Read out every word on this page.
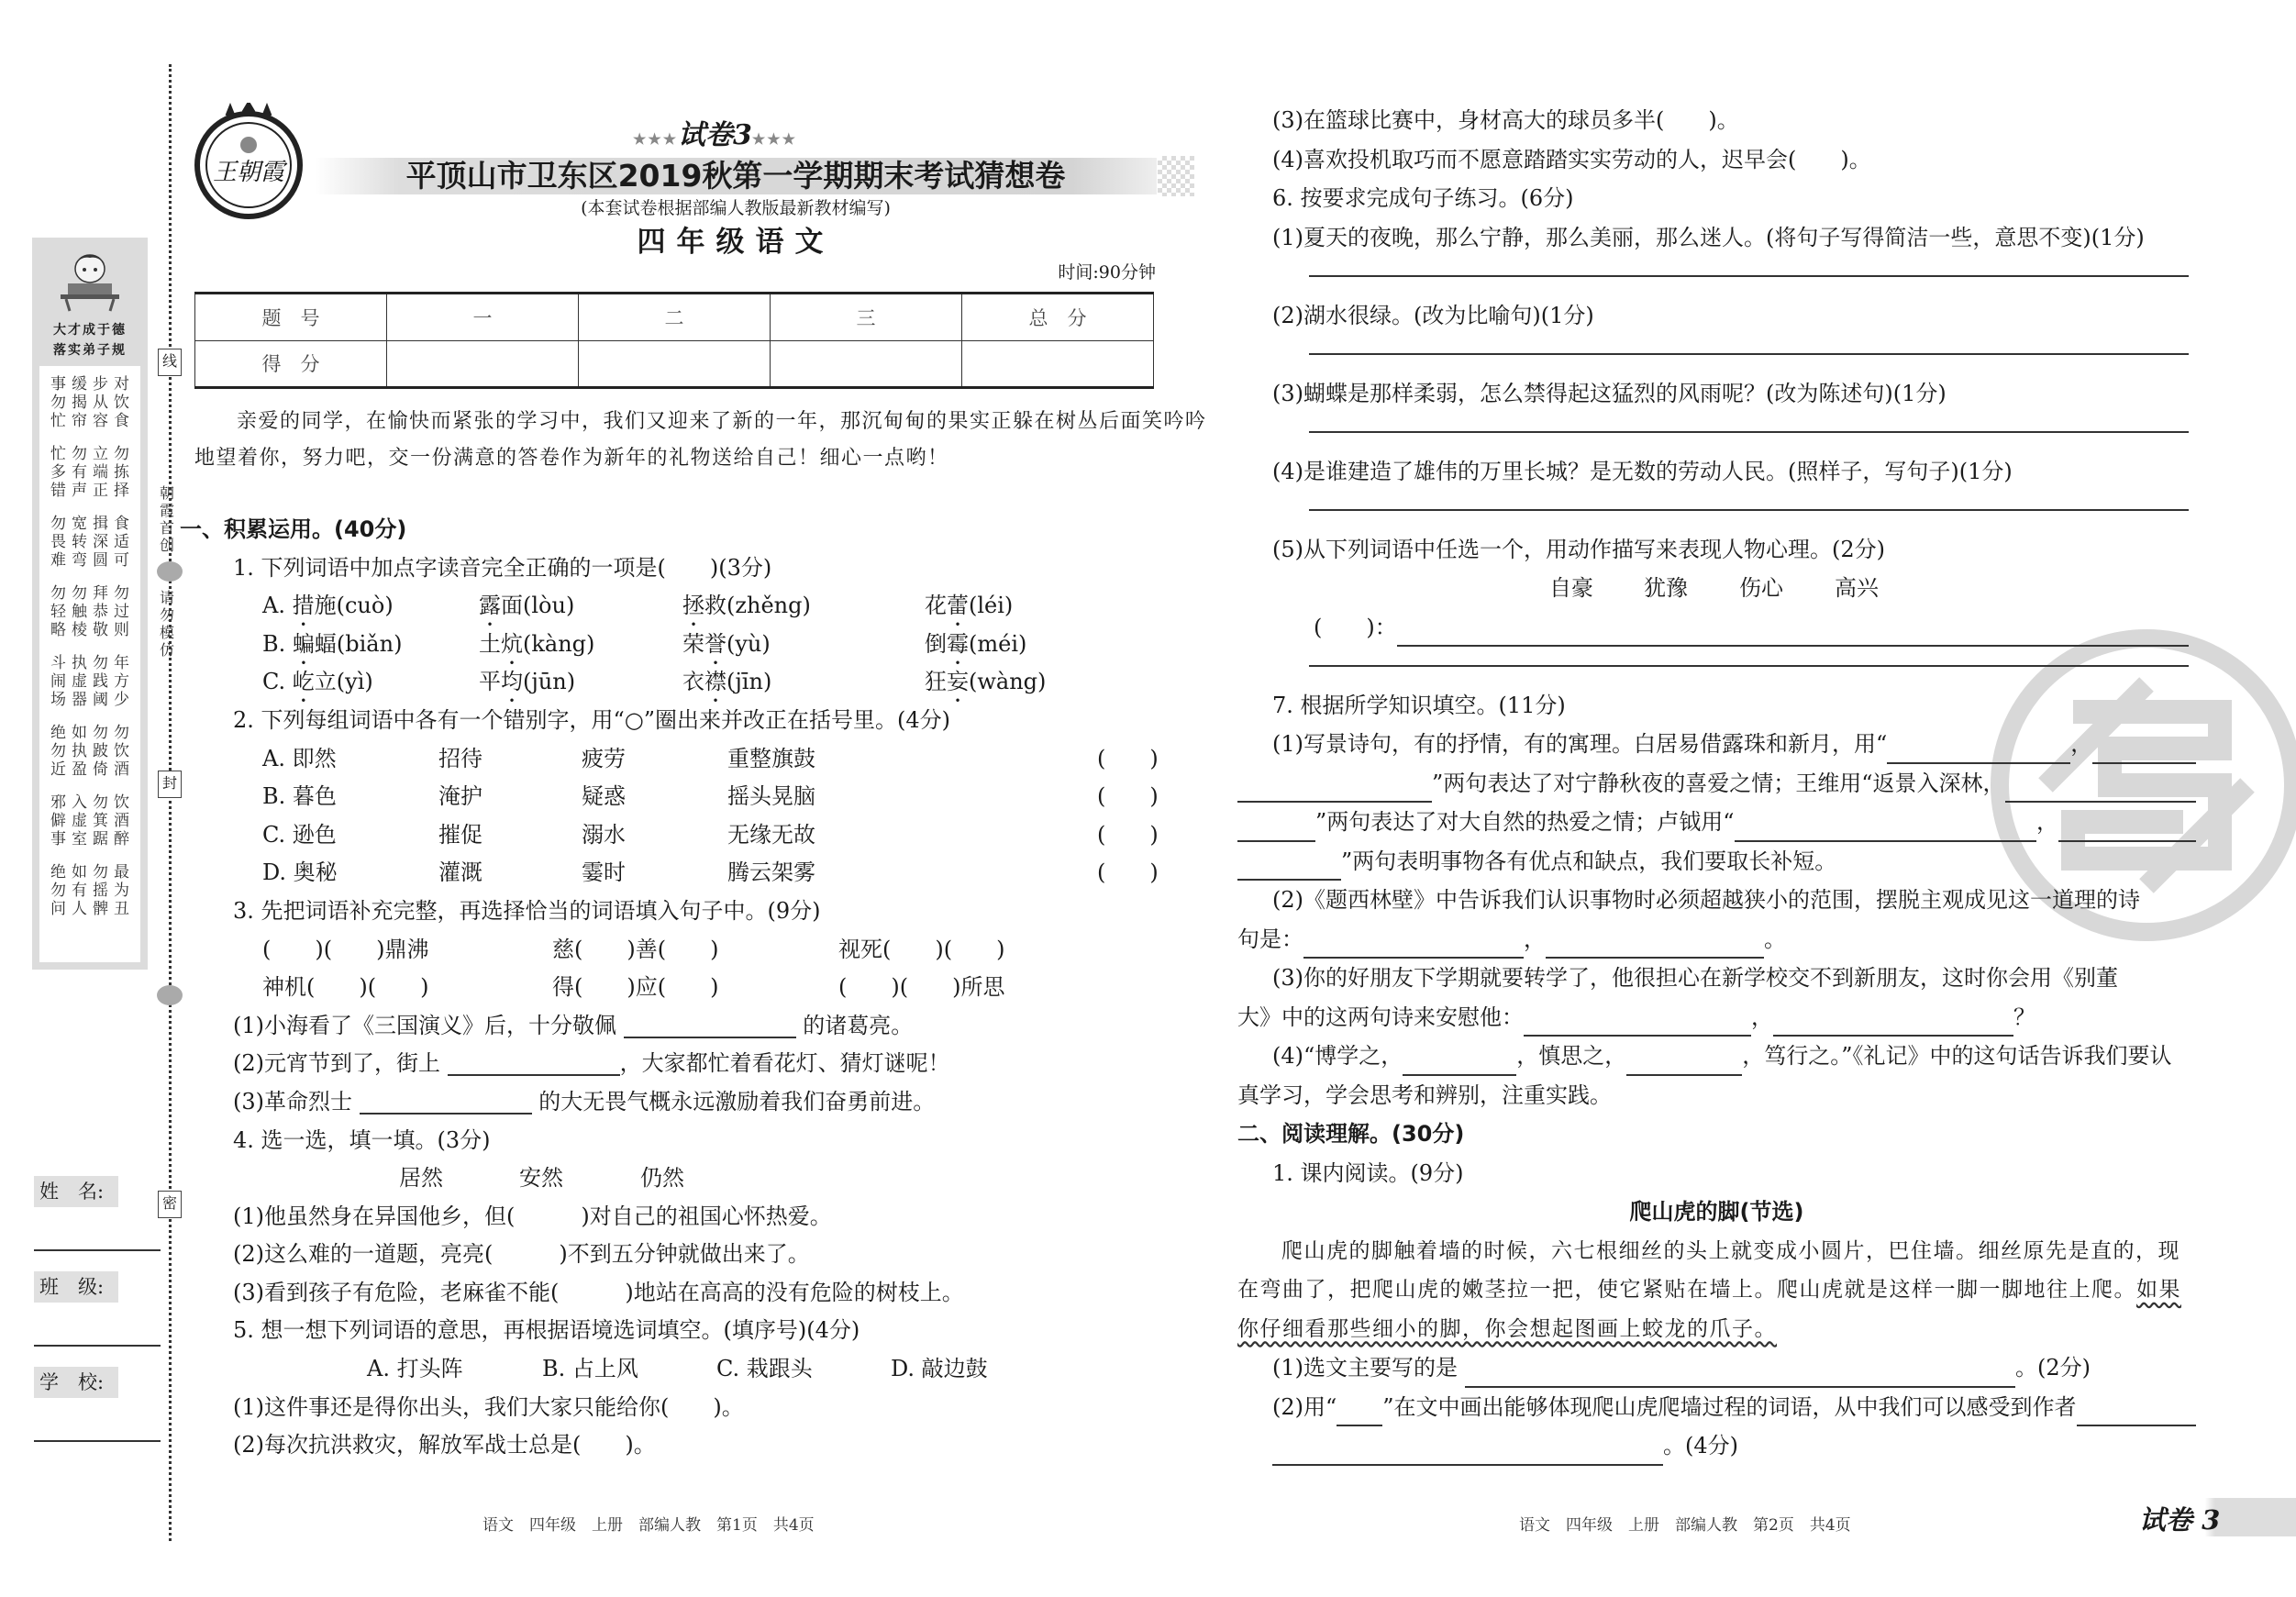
线
朝霞首创
请勿模仿
封
密
大才成于德
落实弟子规
事缓步对
勿揭从饮
忙帘容食
忙勿立勿
多有端拣
错声正择
勿宽揖食
畏转深适
难弯圆可
勿勿拜勿
轻触恭过
略棱敬则
斗执勿年
闹虚践方
场器阈少
绝如勿勿
勿执跛饮
近盈倚酒
邪入勿饮
僻虚箕酒
事室踞醉
绝如勿最
勿有摇为
问人髀丑
姓　名:
班　级:
学　校:
王朝霞
★★★试卷3★★★
平顶山市卫东区2019秋第一学期期末考试猜想卷
(本套试卷根据部编人教版最新教材编写)
四年级语文
时间:90分钟
题　号	一	二	三	总　分
得　分				
亲爱的同学，在愉快而紧张的学习中，我们又迎来了新的一年，那沉甸甸的果实正躲在树丛后面笑吟吟
地望着你，努力吧，交一份满意的答卷作为新年的礼物送给自己！细心一点哟！
一、积累运用。(40分)
1. 下列词语中加点字读音完全正确的一项是(　　)(3分)
A. 措施(cuò)	露面(lòu)	拯救(zhěng)	花蕾(léi)
B. 蝙蝠(biǎn)	土炕(kàng)	荣誉(yù)	倒霉(méi)
C. 屹立(yì)	平均(jūn)	衣襟(jīn)	狂妄(wàng)
2. 下列每组词语中各有一个错别字，用“○”圈出来并改正在括号里。(4分)
A. 即然	招待	疲劳	重整旗鼓	(　　)
B. 暮色	淹护	疑惑	摇头晃脑	(　　)
C. 逊色	摧促	溺水	无缘无故	(　　)
D. 奥秘	灌溉	霎时	腾云架雾	(　　)
3. 先把词语补充完整，再选择恰当的词语填入句子中。(9分)
(　　)(　　)鼎沸	慈(　　)善(　　)	视死(　　)(　　)
神机(　　)(　　)	得(　　)应(　　)	(　　)(　　)所思
(1)小海看了《三国演义》后，十分敬佩	的诸葛亮。
(2)元宵节到了，街上	，大家都忙着看花灯、猜灯谜呢！
(3)革命烈士	的大无畏气概永远激励着我们奋勇前进。
4. 选一选，填一填。(3分)
居然	安然	仍然
(1)他虽然身在异国他乡，但(　　　)对自己的祖国心怀热爱。
(2)这么难的一道题，亮亮(　　　)不到五分钟就做出来了。
(3)看到孩子有危险，老麻雀不能(　　　)地站在高高的没有危险的树枝上。
5. 想一想下列词语的意思，再根据语境选词填空。(填序号)(4分)
A. 打头阵	B. 占上风	C. 栽跟头	D. 敲边鼓
(1)这件事还是得你出头，我们大家只能给你(　　)。
(2)每次抗洪救灾，解放军战士总是(　　)。
(3)在篮球比赛中，身材高大的球员多半(　　)。
(4)喜欢投机取巧而不愿意踏踏实实劳动的人，迟早会(　　)。
6. 按要求完成句子练习。(6分)
(1)夏天的夜晚，那么宁静，那么美丽，那么迷人。(将句子写得简洁一些，意思不变)(1分)
(2)湖水很绿。(改为比喻句)(1分)
(3)蝴蝶是那样柔弱，怎么禁得起这猛烈的风雨呢？(改为陈述句)(1分)
(4)是谁建造了雄伟的万里长城？是无数的劳动人民。(照样子，写句子)(1分)
(5)从下列词语中任选一个，用动作描写来表现人物心理。(2分)
自豪 犹豫 伤心 高兴
(　　)：
7. 根据所学知识填空。(11分)
(1)写景诗句，有的抒情，有的寓理。白居易借露珠和新月，用“	，
”两句表达了对宁静秋夜的喜爱之情；王维用“返景入深林，
”两句表达了对大自然的热爱之情；卢钺用“	，
”两句表明事物各有优点和缺点，我们要取长补短。
(2)《题西林壁》中告诉我们认识事物时必须超越狭小的范围，摆脱主观成见这一道理的诗
句是：	，	。
(3)你的好朋友下学期就要转学了，他很担心在新学校交不到新朋友，这时你会用《别董
大》中的这两句诗来安慰他：	，	？
(4)“博学之，	，慎思之，	，笃行之。”《礼记》中的这句话告诉我们要认
真学习，学会思考和辨别，注重实践。
二、阅读理解。(30分)
1. 课内阅读。(9分)
爬山虎的脚(节选)
爬山虎的脚触着墙的时候，六七根细丝的头上就变成小圆片，巴住墙。细丝原先是直的，现
在弯曲了，把爬山虎的嫩茎拉一把，使它紧贴在墙上。爬山虎就是这样一脚一脚地往上爬。如果
你仔细看那些细小的脚，你会想起图画上蛟龙的爪子。
(1)选文主要写的是	。(2分)
(2)用“ ”在文中画出能够体现爬山虎爬墙过程的词语，从中我们可以感受到作者
。(4分)
语文　四年级　上册　部编人教　第1页　共4页	语文　四年级　上册　部编人教　第2页　共4页	试卷 3
